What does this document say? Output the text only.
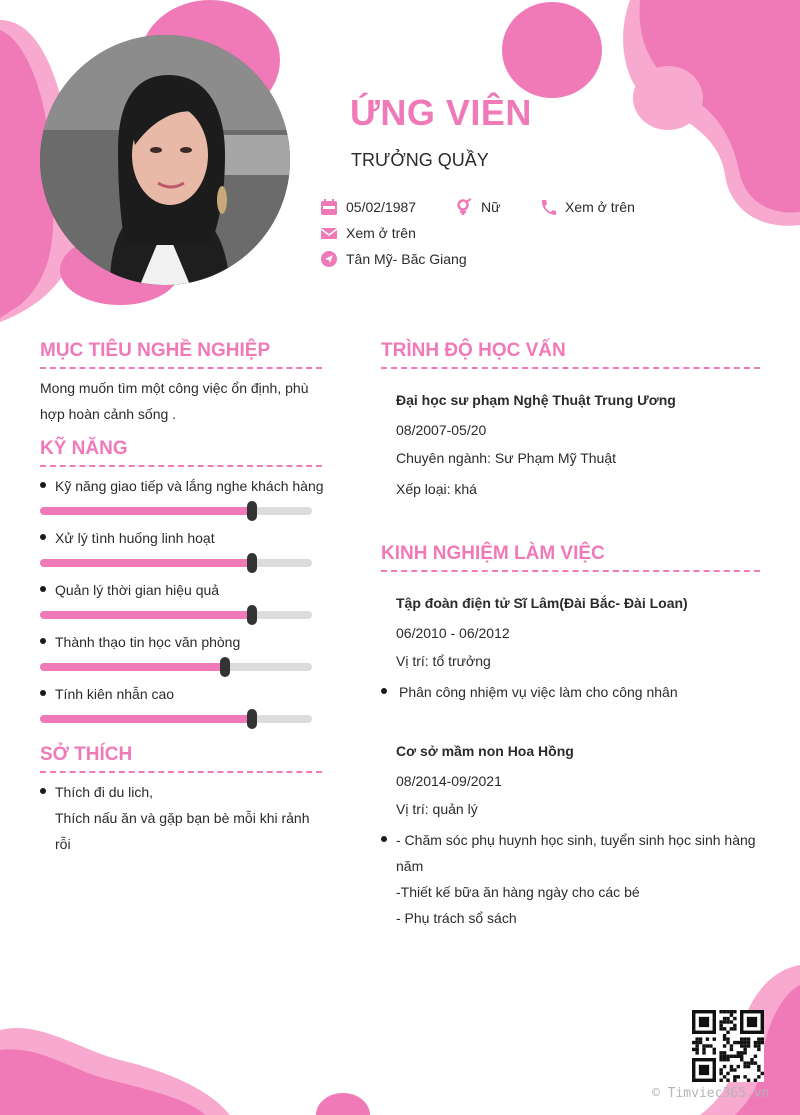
ỨNG VIÊN
TRƯỞNG QUẦY
05/02/1987	Nữ	Xem ở trên
Xem ở trên
Tân Mỹ- Băc Giang
MỤC TIÊU NGHỀ NGHIỆP
Mong muốn tìm một công việc ổn định, phù
hợp hoàn cảnh sống .
KỸ NĂNG
Kỹ năng giao tiếp và lắng nghe khách hàng
Xử lý tình huống linh hoạt
Quản lý thời gian hiệu quả
Thành thạo tin học văn phòng
Tính kiên nhẫn cao
SỞ THÍCH
Thích đi du lich,
Thích nấu ăn và gặp bạn bè mỗi khi rảnh
rỗi
TRÌNH ĐỘ HỌC VẤN
Đại học sư phạm Nghệ Thuật Trung Ương
08/2007-05/20
Chuyên ngành: Sư Phạm Mỹ Thuật
Xếp loại: khá
KINH NGHIỆM LÀM VIỆC
Tập đoàn điện tử Sĩ Lâm(Đài Bắc- Đài Loan)
06/2010 - 06/2012
Vị trí: tổ trưởng
Phân công nhiệm vụ việc làm cho công nhân
Cơ sở mầm non Hoa Hồng
08/2014-09/2021
Vị trí: quản lý
- Chăm sóc phụ huynh học sinh, tuyển sinh học sinh hàng
năm
-Thiết kế bữa ăn hàng ngày cho các bé
- Phụ trách sổ sách
© Timviec365.vn
